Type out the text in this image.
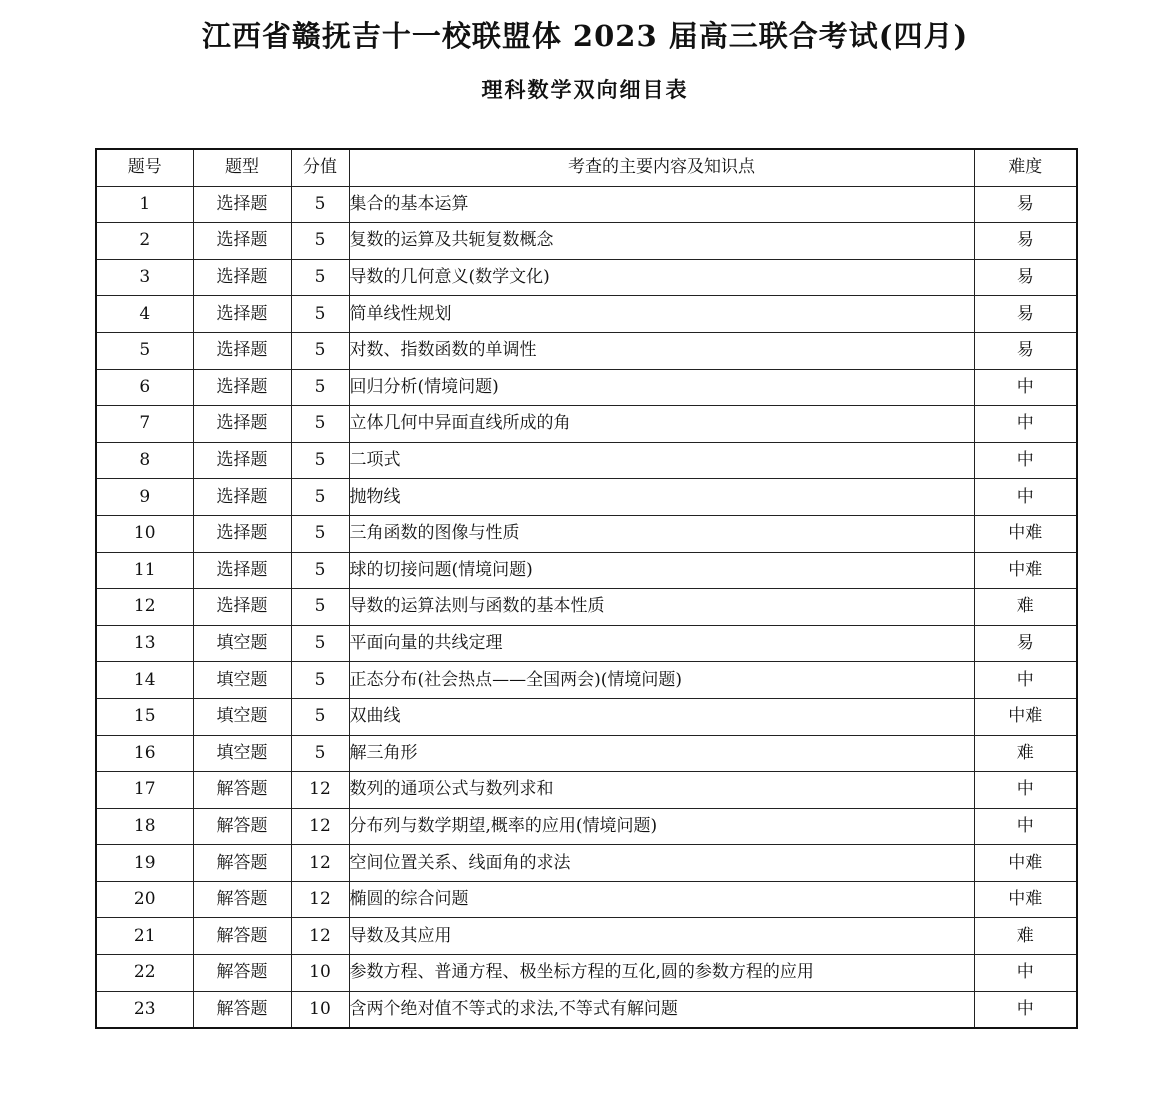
江西省赣抚吉十一校联盟体 2023 届高三联合考试(四月)
理科数学双向细目表
题号	题型	分值	考查的主要内容及知识点	难度
1	选择题	5	集合的基本运算	易
2	选择题	5	复数的运算及共轭复数概念	易
3	选择题	5	导数的几何意义(数学文化)	易
4	选择题	5	简单线性规划	易
5	选择题	5	对数、指数函数的单调性	易
6	选择题	5	回归分析(情境问题)	中
7	选择题	5	立体几何中异面直线所成的角	中
8	选择题	5	二项式	中
9	选择题	5	抛物线	中
10	选择题	5	三角函数的图像与性质	中难
11	选择题	5	球的切接问题(情境问题)	中难
12	选择题	5	导数的运算法则与函数的基本性质	难
13	填空题	5	平面向量的共线定理	易
14	填空题	5	正态分布(社会热点——全国两会)(情境问题)	中
15	填空题	5	双曲线	中难
16	填空题	5	解三角形	难
17	解答题	12	数列的通项公式与数列求和	中
18	解答题	12	分布列与数学期望,概率的应用(情境问题)	中
19	解答题	12	空间位置关系、线面角的求法	中难
20	解答题	12	椭圆的综合问题	中难
21	解答题	12	导数及其应用	难
22	解答题	10	参数方程、普通方程、极坐标方程的互化,圆的参数方程的应用	中
23	解答题	10	含两个绝对值不等式的求法,不等式有解问题	中
